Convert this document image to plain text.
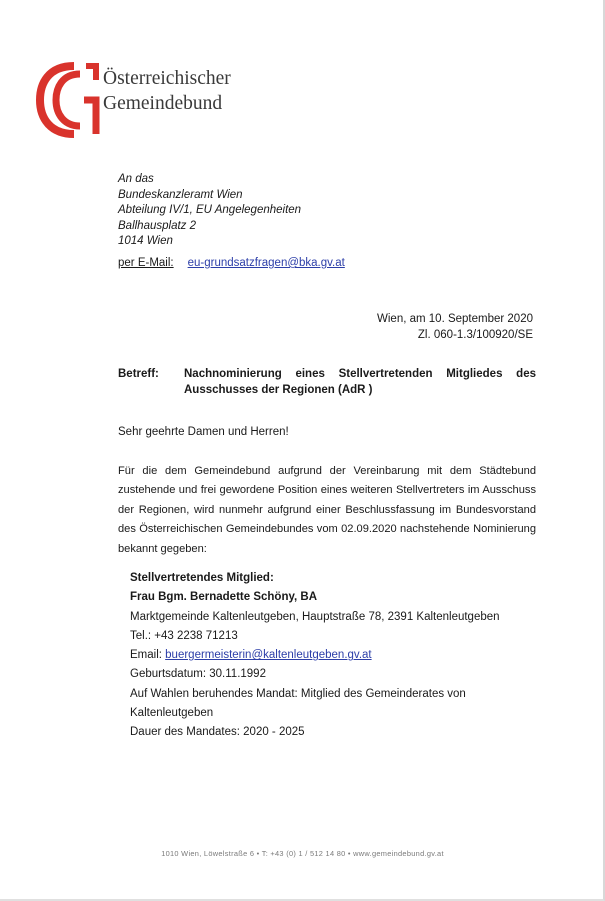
Österreichischer
Gemeindebund
An das
Bundeskanzleramt Wien
Abteilung IV/1, EU Angelegenheiten
Ballhausplatz 2
1014 Wien
per E-Mail: eu-grundsatzfragen@bka.gv.at
Wien, am 10. September 2020
Zl. 060-1.3/100920/SE
Betreff: Nachnominierung eines Stellvertretenden Mitgliedes des Ausschusses der Regionen (AdR )
Sehr geehrte Damen und Herren!
Für die dem Gemeindebund aufgrund der Vereinbarung mit dem Städtebund zustehende und frei gewordene Position eines weiteren Stellvertreters im Ausschuss der Regionen, wird nunmehr aufgrund einer Beschlussfassung im Bundesvorstand des Österreichischen Gemeindebundes vom 02.09.2020 nachstehende Nominierung bekannt gegeben:
Stellvertretendes Mitglied:
Frau Bgm. Bernadette Schöny, BA
Marktgemeinde Kaltenleutgeben, Hauptstraße 78, 2391 Kaltenleutgeben
Tel.: +43 2238 71213
Email: buergermeisterin@kaltenleutgeben.gv.at
Geburtsdatum: 30.11.1992
Auf Wahlen beruhendes Mandat: Mitglied des Gemeinderates von
Kaltenleutgeben
Dauer des Mandates: 2020 - 2025
1010 Wien, Löwelstraße 6 • T: +43 (0) 1 / 512 14 80 • www.gemeindebund.gv.at
